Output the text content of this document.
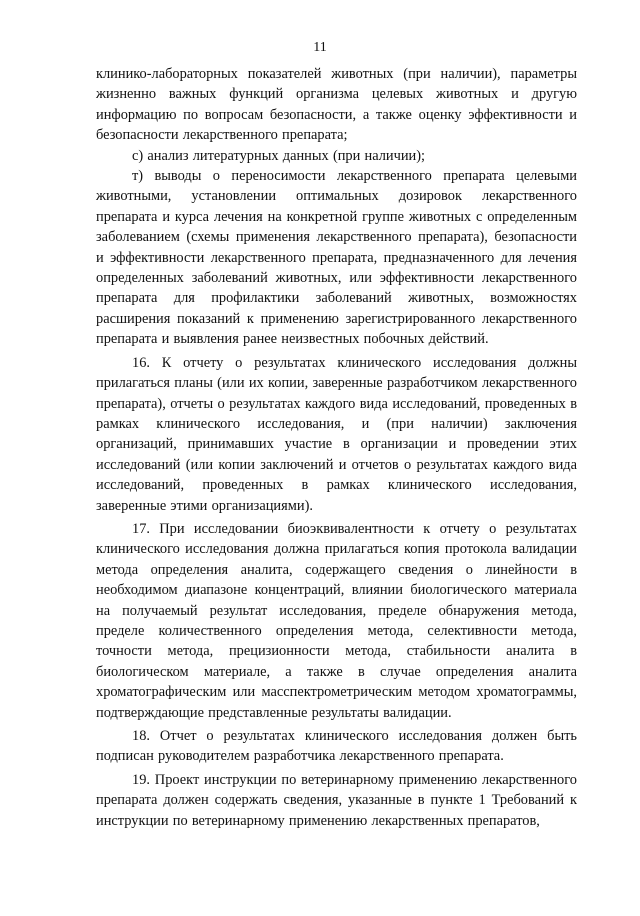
11

клинико-лабораторных показателей животных (при наличии), параметры жизненно важных функций организма целевых животных и другую информацию по вопросам безопасности, а также оценку эффективности и безопасности лекарственного препарата;

с) анализ литературных данных (при наличии);

т) выводы о переносимости лекарственного препарата целевыми животными, установлении оптимальных дозировок лекарственного препарата и курса лечения на конкретной группе животных с определенным заболеванием (схемы применения лекарственного препарата), безопасности и эффективности лекарственного препарата, предназначенного для лечения определенных заболеваний животных, или эффективности лекарственного препарата для профилактики заболеваний животных, возможностях расширения показаний к применению зарегистрированного лекарственного препарата и выявления ранее неизвестных побочных действий.

16. К отчету о результатах клинического исследования должны прилагаться планы (или их копии, заверенные разработчиком лекарственного препарата), отчеты о результатах каждого вида исследований, проведенных в рамках клинического исследования, и (при наличии) заключения организаций, принимавших участие в организации и проведении этих исследований (или копии заключений и отчетов о результатах каждого вида исследований, проведенных в рамках клинического исследования, заверенные этими организациями).

17. При исследовании биоэквивалентности к отчету о результатах клинического исследования должна прилагаться копия протокола валидации метода определения аналита, содержащего сведения о линейности в необходимом диапазоне концентраций, влиянии биологического материала на получаемый результат исследования, пределе обнаружения метода, пределе количественного определения метода, селективности метода, точности метода, прецизионности метода, стабильности аналита в биологическом материале, а также в случае определения аналита хроматографическим или масспектрометрическим методом хроматограммы, подтверждающие представленные результаты валидации.

18. Отчет о результатах клинического исследования должен быть подписан руководителем разработчика лекарственного препарата.

19. Проект инструкции по ветеринарному применению лекарственного препарата должен содержать сведения, указанные в пункте 1 Требований к инструкции по ветеринарному применению лекарственных препаратов,
